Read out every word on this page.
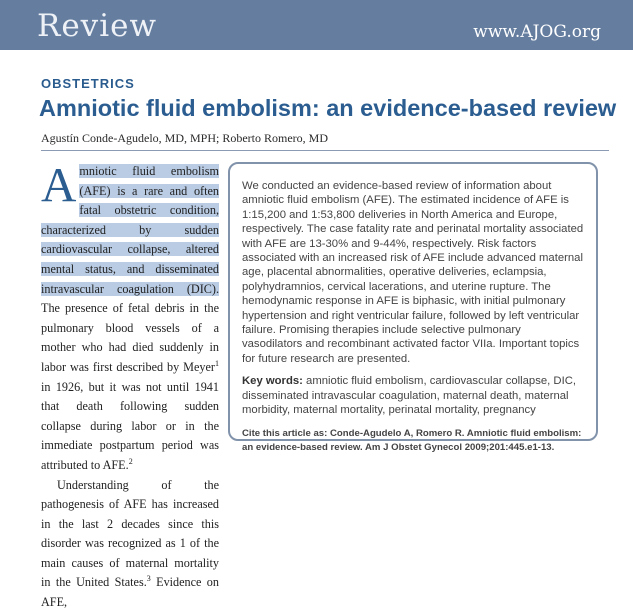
Review	www.AJOG.org
OBSTETRICS
Amniotic fluid embolism: an evidence-based review
Agustín Conde-Agudelo, MD, MPH; Roberto Romero, MD

Amniotic fluid embolism (AFE) is a rare and often fatal obstetric condition, characterized by sudden cardiovascular collapse, altered mental status, and disseminated intravascular coagulation (DIC). The presence of fetal debris in the pulmonary blood vessels of a mother who had died suddenly in labor was first described by Meyer$^1$ in 1926, but it was not until 1941 that death following sudden collapse during labor or in the immediate postpartum period was attributed to AFE.$^2$

Understanding of the pathogenesis of AFE has increased in the last 2 decades since this disorder was recognized as 1 of the main causes of maternal mortality in the United States.$^3$ Evidence on AFE,

We conducted an evidence-based review of information about amniotic fluid embolism (AFE). The estimated incidence of AFE is 1:15,200 and 1:53,800 deliveries in North America and Europe, respectively. The case fatality rate and perinatal mortality associated with AFE are 13-30% and 9-44%, respectively. Risk factors associated with an increased risk of AFE include advanced maternal age, placental abnormalities, operative deliveries, eclampsia, polyhydramnios, cervical lacerations, and uterine rupture. The hemodynamic response in AFE is biphasic, with initial pulmonary hypertension and right ventricular failure, followed by left ventricular failure. Promising therapies include selective pulmonary vasodilators and recombinant activated factor VIIa. Important topics for future research are presented.

Key words: amniotic fluid embolism, cardiovascular collapse, DIC, disseminated intravascular coagulation, maternal death, maternal morbidity, maternal mortality, perinatal mortality, pregnancy

Cite this article as: Conde-Agudelo A, Romero R. Amniotic fluid embolism: an evidence-based review. Am J Obstet Gynecol 2009;201:445.e1-13.
